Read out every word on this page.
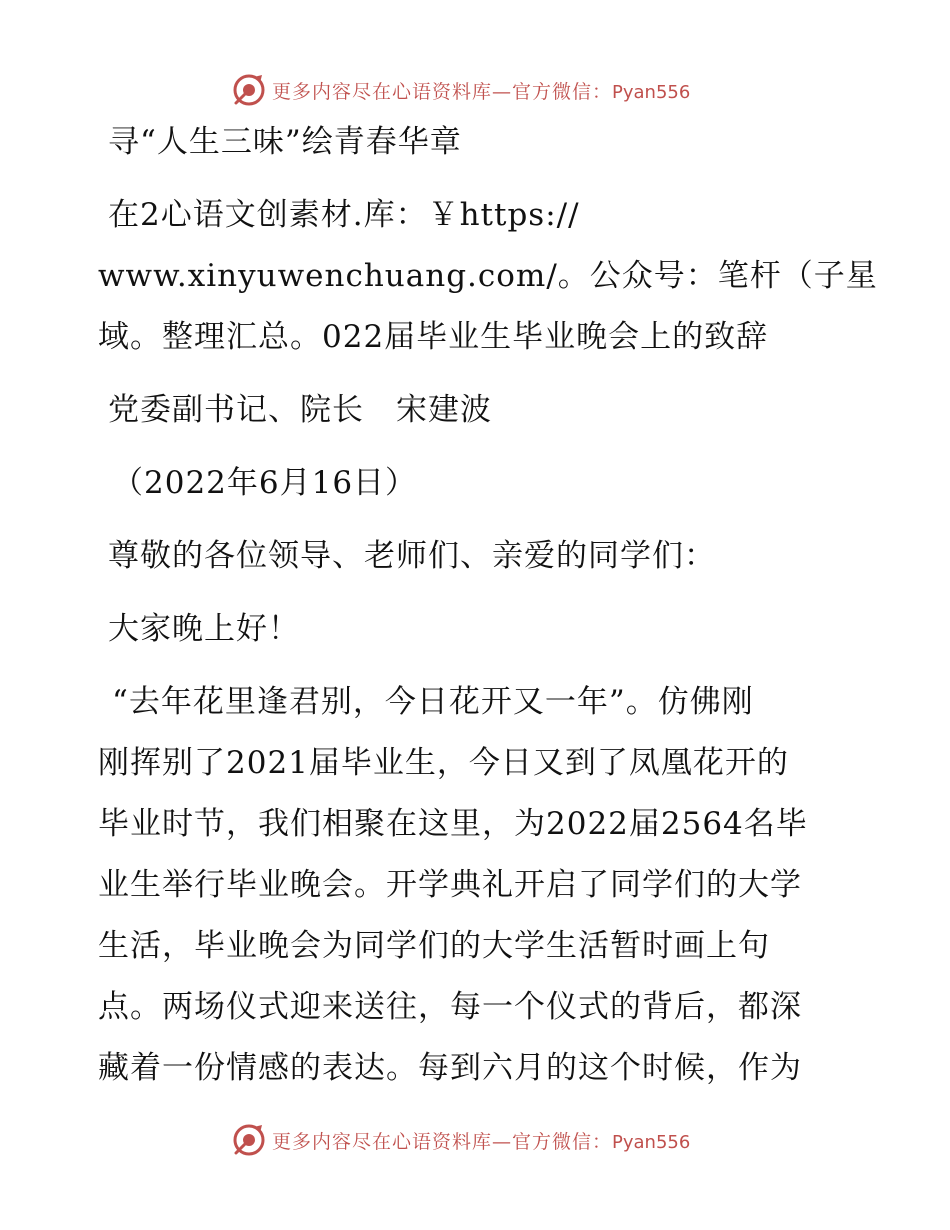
更多内容尽在心语资料库—官方微信：Pyan556
寻“人生三味”绘青春华章
在2心语文创素材.库：￥https://
www.xinyuwenchuang.com/。公众号：笔杆（子星
域。整理汇总。022届毕业生毕业晚会上的致辞
党委副书记、院长　宋建波
（2022年6月16日）
尊敬的各位领导、老师们、亲爱的同学们：
大家晚上好！
“去年花里逢君别，今日花开又一年”。仿佛刚
刚挥别了2021届毕业生，今日又到了凤凰花开的
毕业时节，我们相聚在这里，为2022届2564名毕
业生举行毕业晚会。开学典礼开启了同学们的大学
生活，毕业晚会为同学们的大学生活暂时画上句
点。两场仪式迎来送往，每一个仪式的背后，都深
藏着一份情感的表达。每到六月的这个时候，作为
更多内容尽在心语资料库—官方微信：Pyan556
